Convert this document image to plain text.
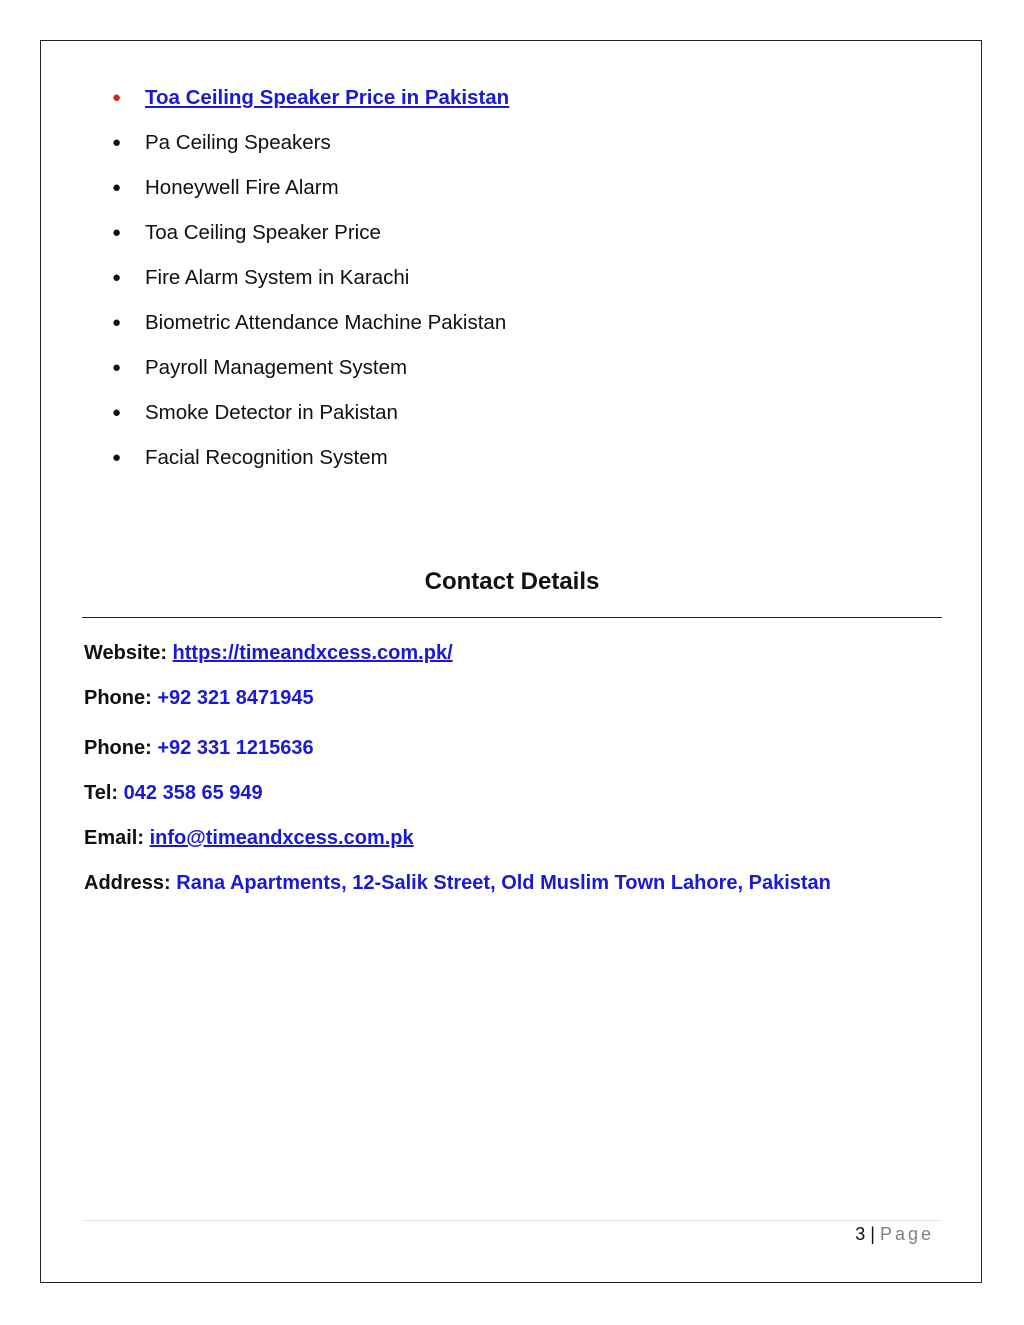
●	Toa Ceiling Speaker Price in Pakistan
●	Pa Ceiling Speakers
●	Honeywell Fire Alarm
●	Toa Ceiling Speaker Price
●	Fire Alarm System in Karachi
●	Biometric Attendance Machine Pakistan
●	Payroll Management System
●	Smoke Detector in Pakistan
●	Facial Recognition System
Contact Details
Website: https://timeandxcess.com.pk/
Phone: +92 321 8471945
Phone: +92 331 1215636
Tel: 042 358 65 949
Email: info@timeandxcess.com.pk
Address: Rana Apartments, 12-Salik Street, Old Muslim Town Lahore, Pakistan
3 | Page
